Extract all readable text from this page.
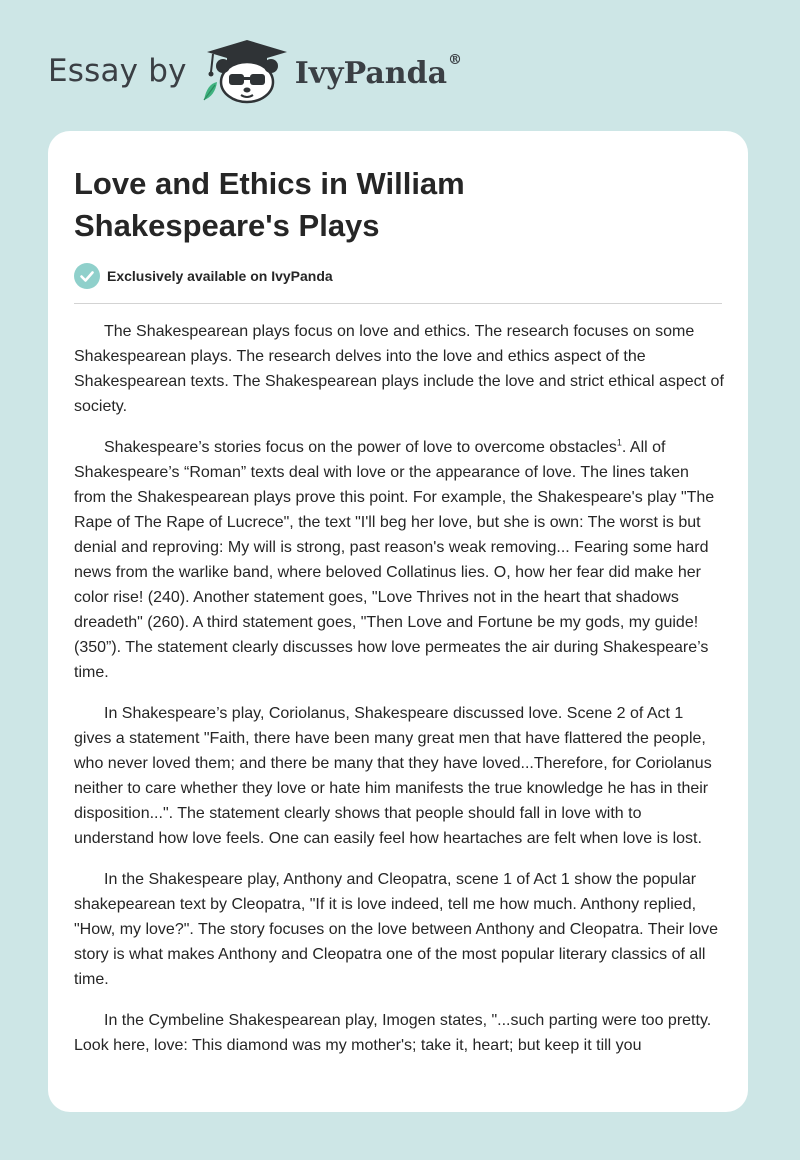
Essay by	IvyPanda®
Love and Ethics in William Shakespeare's Plays
Exclusively available on IvyPanda

The Shakespearean plays focus on love and ethics. The research focuses on some Shakespearean plays. The research delves into the love and ethics aspect of the Shakespearean texts. The Shakespearean plays include the love and strict ethical aspect of society.

Shakespeare’s stories focus on the power of love to overcome obstacles$^1$. All of Shakespeare’s “Roman” texts deal with love or the appearance of love. The lines taken from the Shakespearean plays prove this point. For example, the Shakespeare's play "The Rape of The Rape of Lucrece", the text "I'll beg her love, but she is own: The worst is but denial and reproving: My will is strong, past reason's weak removing... Fearing some hard news from the warlike band, where beloved Collatinus lies. O, how her fear did make her color rise! (240). Another statement goes, "Love Thrives not in the heart that shadows dreadeth" (260). A third statement goes, "Then Love and Fortune be my gods, my guide! (350”). The statement clearly discusses how love permeates the air during Shakespeare’s time.

In Shakespeare’s play, Coriolanus, Shakespeare discussed love. Scene 2 of Act 1 gives a statement "Faith, there have been many great men that have flattered the people, who never loved them; and there be many that they have loved...Therefore, for Coriolanus neither to care whether they love or hate him manifests the true knowledge he has in their disposition...". The statement clearly shows that people should fall in love with to understand how love feels. One can easily feel how heartaches are felt when love is lost.

In the Shakespeare play, Anthony and Cleopatra, scene 1 of Act 1 show the popular shakepearean text by Cleopatra, "If it is love indeed, tell me how much. Anthony replied, "How, my love?". The story focuses on the love between Anthony and Cleopatra. Their love story is what makes Anthony and Cleopatra one of the most popular literary classics of all time.

In the Cymbeline Shakespearean play, Imogen states, "...such parting were too pretty. Look here, love: This diamond was my mother's; take it, heart; but keep it till you
